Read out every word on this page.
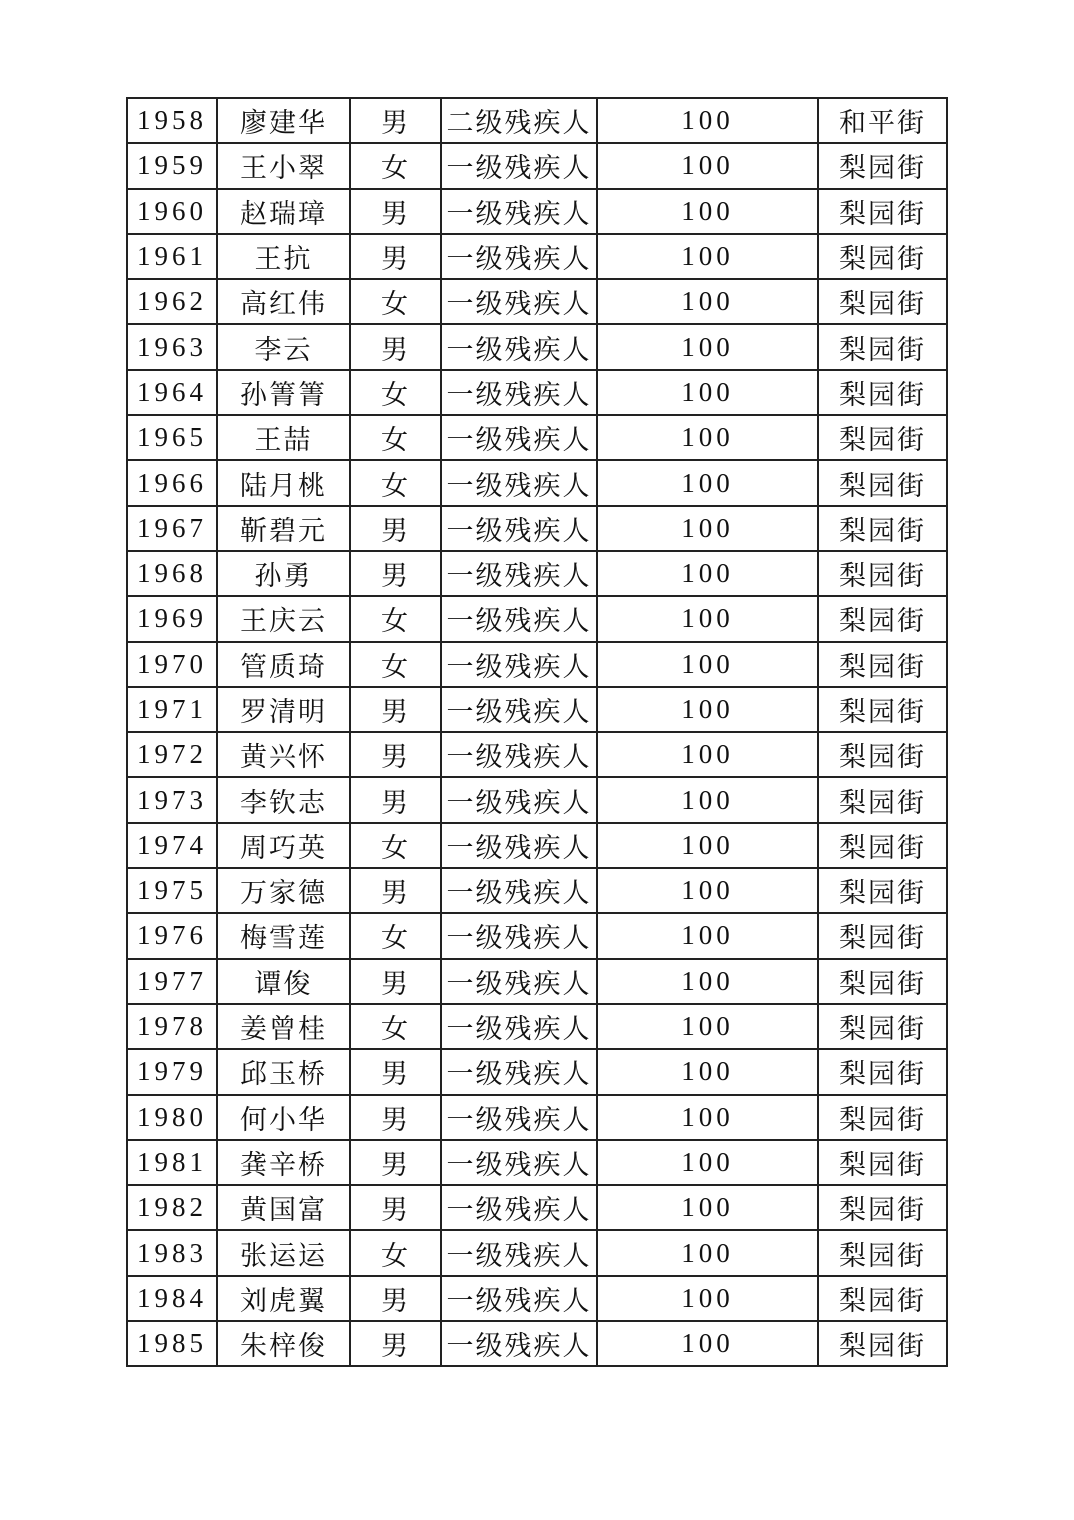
1958	廖建华	男	二级残疾人	100	和平街
1959	王小翠	女	一级残疾人	100	梨园街
1960	赵瑞璋	男	一级残疾人	100	梨园街
1961	王抗	男	一级残疾人	100	梨园街
1962	高红伟	女	一级残疾人	100	梨园街
1963	李云	男	一级残疾人	100	梨园街
1964	孙箐箐	女	一级残疾人	100	梨园街
1965	王喆	女	一级残疾人	100	梨园街
1966	陆月桃	女	一级残疾人	100	梨园街
1967	靳碧元	男	一级残疾人	100	梨园街
1968	孙勇	男	一级残疾人	100	梨园街
1969	王庆云	女	一级残疾人	100	梨园街
1970	管质琦	女	一级残疾人	100	梨园街
1971	罗清明	男	一级残疾人	100	梨园街
1972	黄兴怀	男	一级残疾人	100	梨园街
1973	李钦志	男	一级残疾人	100	梨园街
1974	周巧英	女	一级残疾人	100	梨园街
1975	万家德	男	一级残疾人	100	梨园街
1976	梅雪莲	女	一级残疾人	100	梨园街
1977	谭俊	男	一级残疾人	100	梨园街
1978	姜曾桂	女	一级残疾人	100	梨园街
1979	邱玉桥	男	一级残疾人	100	梨园街
1980	何小华	男	一级残疾人	100	梨园街
1981	龚辛桥	男	一级残疾人	100	梨园街
1982	黄国富	男	一级残疾人	100	梨园街
1983	张运运	女	一级残疾人	100	梨园街
1984	刘虎翼	男	一级残疾人	100	梨园街
1985	朱梓俊	男	一级残疾人	100	梨园街
